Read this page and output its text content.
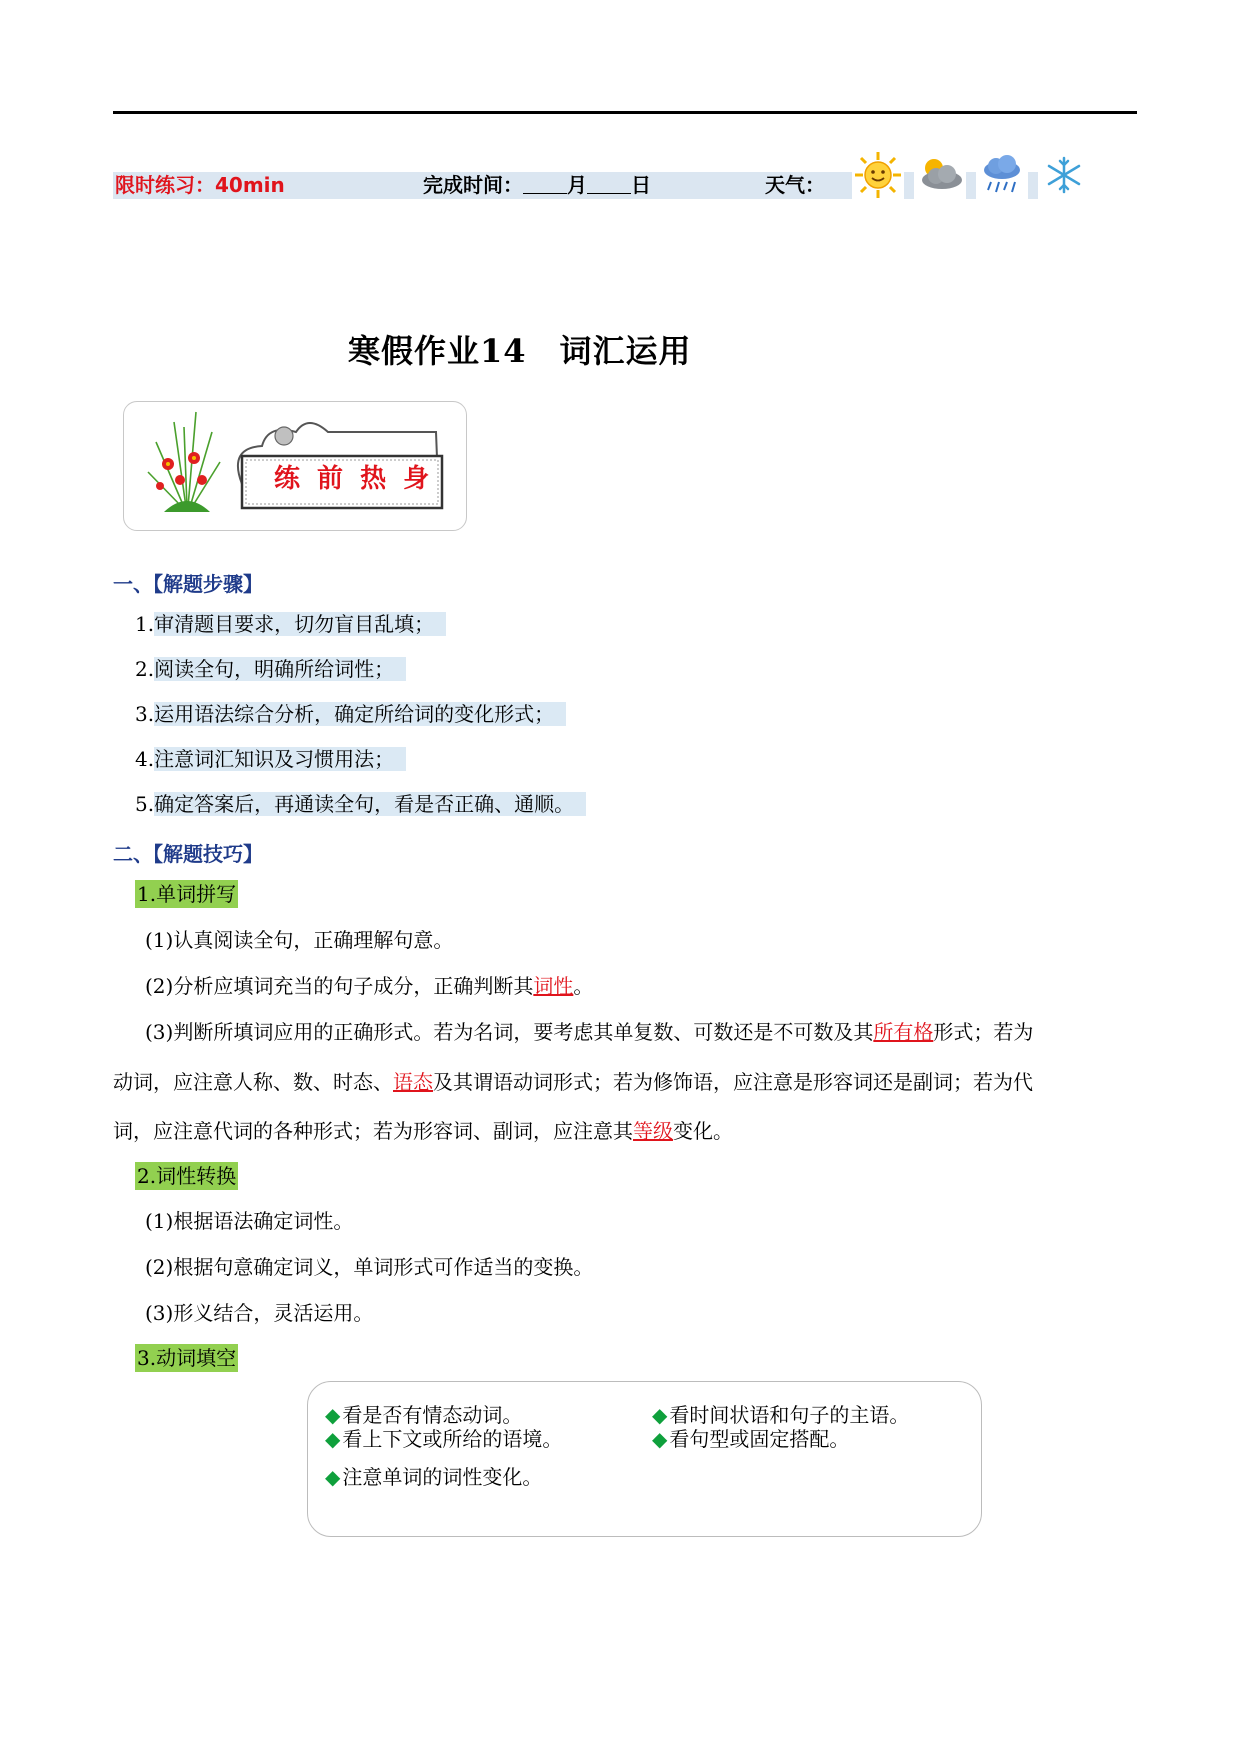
限时练习：40min	完成时间： 月 日	天气：
寒假作业14　词汇运用
练 前 热 身
一、【解题步骤】
1.审清题目要求，切勿盲目乱填；
2.阅读全句，明确所给词性；
3.运用语法综合分析，确定所给词的变化形式；
4.注意词汇知识及习惯用法；
5.确定答案后，再通读全句，看是否正确、通顺。
二、【解题技巧】
1.单词拼写
(1)认真阅读全句，正确理解句意。
(2)分析应填词充当的句子成分，正确判断其词性。
(3)判断所填词应用的正确形式。若为名词，要考虑其单复数、可数还是不可数及其所有格形式；若为
动词，应注意人称、数、时态、语态及其谓语动词形式；若为修饰语，应注意是形容词还是副词；若为代
词，应注意代词的各种形式；若为形容词、副词，应注意其等级变化。
2.词性转换
(1)根据语法确定词性。
(2)根据句意确定词义，单词形式可作适当的变换。
(3)形义结合，灵活运用。
3.动词填空
◆ 看是否有情态动词。	◆ 看时间状语和句子的主语。
◆ 看上下文或所给的语境。	◆ 看句型或固定搭配。
◆ 注意单词的词性变化。
